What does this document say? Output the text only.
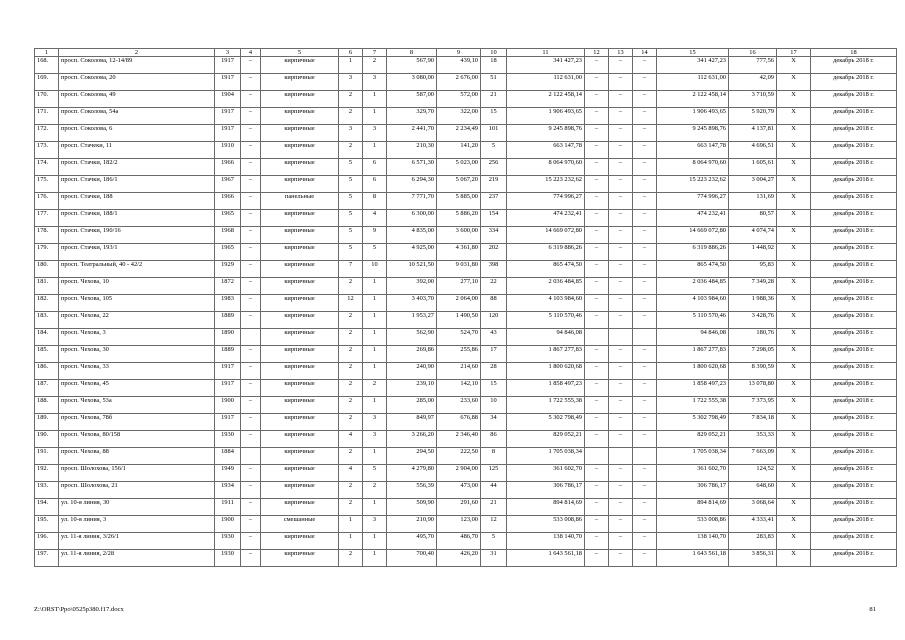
1	2	3	4	5	6	7	8	9	10	11	12	13	14	15	16	17	18
168.	просп. Соколова, 12-14/89	1917	–	кирпичные	1	2	567,90	439,10	18	341 427,23	–	–	–	341 427,23	777,56	X	декабрь 2018 г.
169.	просп. Соколова, 20	1917	–	кирпичные	3	3	3 080,00	2 676,00	51	112 631,00	–	–	–	112 631,00	42,09	X	декабрь 2018 г.
170.	просп. Соколова, 49	1904	–	кирпичные	2	1	587,00	572,00	21	2 122 458,14	–	–	–	2 122 458,14	3 710,59	X	декабрь 2018 г.
171.	просп. Соколова, 54а	1917	–	кирпичные	2	1	329,70	322,00	15	1 906 493,65	–	–	–	1 906 493,65	5 920,79	X	декабрь 2018 г.
172.	просп. Соколова, 6	1917	–	кирпичные	3	3	2 441,70	2 234,49	101	9 245 898,76	–	–	–	9 245 898,76	4 137,81	X	декабрь 2018 г.
173.	просп. Стачеки, 11	1910	–	кирпичные	2	1	210,30	141,20	5	663 147,78	–	–	–	663 147,78	4 696,51	X	декабрь 2018 г.
174.	просп. Стачки, 182/2	1966	–	кирпичные	5	6	6 571,30	5 023,00	256	8 064 970,60	–	–	–	8 064 970,60	1 605,61	X	декабрь 2018 г.
175.	просп. Стачки, 186/1	1967	–	кирпичные	5	6	6 294,30	5 067,20	219	15 223 232,62	–	–	–	15 223 232,62	3 004,27	X	декабрь 2018 г.
176.	просп. Стачки, 188	1966	–	панельные	5	8	7 771,70	5 885,00	237	774 996,27	–	–	–	774 996,27	131,69	X	декабрь 2018 г.
177.	просп. Стачки, 188/1	1965	–	кирпичные	5	4	6 300,00	5 886,20	154	474 232,41	–	–	–	474 232,41	80,57	X	декабрь 2018 г.
178.	просп. Стачки, 190/16	1968	–	кирпичные	5	9	4 835,00	3 600,00	334	14 669 072,80	–	–	–	14 669 072,80	4 074,74	X	декабрь 2018 г.
179.	просп. Стачки, 193/1	1965	–	кирпичные	5	5	4 925,00	4 361,80	202	6 319 886,26	–	–	–	6 319 886,26	1 448,92	X	декабрь 2018 г.
180.	просп. Театральный, 40 - 42/2	1929	–	кирпичные	7	10	10 521,50	9 031,80	398	865 474,50	–	–	–	865 474,50	95,83	X	декабрь 2018 г.
181.	просп. Чехова, 10	1872	–	кирпичные	2	1	392,00	277,10	22	2 036 484,85	–	–	–	2 036 484,85	7 349,28	X	декабрь 2018 г.
182.	просп. Чехова, 105	1983	–	кирпичные	12	1	3 403,70	2 064,00	88	4 103 984,60	–	–	–	4 103 984,60	1 988,36	X	декабрь 2018 г.
183.	просп. Чехова, 22	1889	–	кирпичные	2	1	1 953,27	1 490,50	120	5 110 570,46	–	–	–	5 110 570,46	3 428,76	X	декабрь 2018 г.
184.	просп. Чехова, 3	1890		кирпичные	2	1	562,90	524,70	43	94 846,08				94 846,08	180,76	X	декабрь 2018 г.
185.	просп. Чехова, 30	1889	–	кирпичные	2	1	269,86	255,86	17	1 867 277,83	–	–	–	1 867 277,83	7 298,05	X	декабрь 2018 г.
186.	просп. Чехова, 33	1917	–	кирпичные	2	1	240,90	214,60	28	1 800 620,68	–	–	–	1 800 620,68	8 390,59	X	декабрь 2018 г.
187.	просп. Чехова, 45	1917	–	кирпичные	2	2	239,10	142,10	15	1 858 497,23	–	–	–	1 858 497,23	13 078,80	X	декабрь 2018 г.
188.	просп. Чехова, 53а	1900	–	кирпичные	2	1	285,00	233,60	10	1 722 555,38	–	–	–	1 722 555,38	7 373,95	X	декабрь 2018 г.
189.	просп. Чехова, 78б	1917	–	кирпичные	2	3	849,97	676,88	34	5 302 798,49	–	–	–	5 302 798,49	7 834,18	X	декабрь 2018 г.
190.	просп. Чехова, 80/158	1930	–	кирпичные	4	3	3 266,20	2 346,40	86	829 052,21	–	–	–	829 052,21	353,33	X	декабрь 2018 г.
191.	просп. Чехова, 88	1884		кирпичные	2	1	294,50	222,50	8	1 705 038,34				1 705 038,34	7 663,09	X	декабрь 2018 г.
192.	просп. Шолохова, 156/1	1949	–	кирпичные	4	5	4 279,80	2 904,00	125	361 602,70	–	–	–	361 602,70	124,52	X	декабрь 2018 г.
193.	просп. Шолохова, 21	1934	–	кирпичные	2	2	556,39	473,00	44	306 786,17	–	–	–	306 786,17	648,60	X	декабрь 2018 г.
194.	ул. 10-я линия, 30	1911	–	кирпичные	2	1	509,90	291,60	21	894 814,69	–	–	–	894 814,69	3 068,64	X	декабрь 2018 г.
195.	ул. 10-я линия, 3	1900	–	смешанные	1	3	210,90	123,00	12	533 008,86	–	–	–	533 008,86	4 333,41	X	декабрь 2018 г.
196.	ул. 11-я линия, 3/26/1	1930	–	кирпичные	1	1	495,70	486,70	5	138 140,70	–	–	–	138 140,70	283,83	X	декабрь 2018 г.
197.	ул. 11-я линия, 2/28	1930	–	кирпичные	2	1	700,40	426,20	31	1 643 561,18	–	–	–	1 643 561,18	3 856,31	X	декабрь 2018 г.
Z:\ORST\Ppo\0525p380.f17.docx	81
